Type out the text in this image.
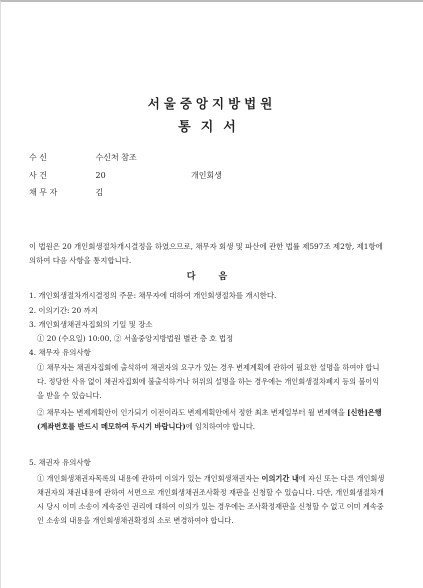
서울중앙지방법원
통지서
수 신	수신처 참조
사 건	20	개인회생
채 무 자	김
이 법원은 20 개인회생절차개시결정을 하였으므로, 채무자 회생 및 파산에 관한 법률 제597조 제2항, 제1항에 의하여 다음 사항을 통지합니다.
다 음
1. 개인회생절차개시결정의 주문: 채무자에 대하여 개인회생절차를 개시한다.
2. 이의기간: 20 까지
3. 개인회생채권자집회의 기일 및 장소
① 20 (수요일) 10:00, ② 서울중앙지방법원 별관 층 호 법정
4. 채무자 유의사항
① 채무자는 채권자집회에 출석하여 채권자의 요구가 있는 경우 변제계획에 관하여 필요한 설명을 하여야 합니다. 정당한 사유 없이 채권자집회에 불출석하거나 허위의 설명을 하는 경우에는 개인회생절차폐지 등의 불이익을 받을 수 있습니다.
② 채무자는 변제계획안이 인가되기 이전이라도 변제계획안에서 정한 최초 변제일부터 월 변제액을 [신한]은행 (계좌번호를 반드시 메모하여 두시기 바랍니다)에 임치하여야 합니다.
5. 채권자 유의사항
① 개인회생채권자목록의 내용에 관하여 이의가 있는 개인회생채권자는 이의기간 내에 자신 또는 다른 개인회생채권자의 채권내용에 관하여 서면으로 개인회생채권조사확정 재판을 신청할 수 있습니다. 다만, 개인회생절차개시 당시 이미 소송이 계속중인 권리에 대하여 이의가 있는 경우에는 조사확정재판을 신청할 수 없고 이미 계속중인 소송의 내용을 개인회생채권확정의 소로 변경하여야 합니다.
